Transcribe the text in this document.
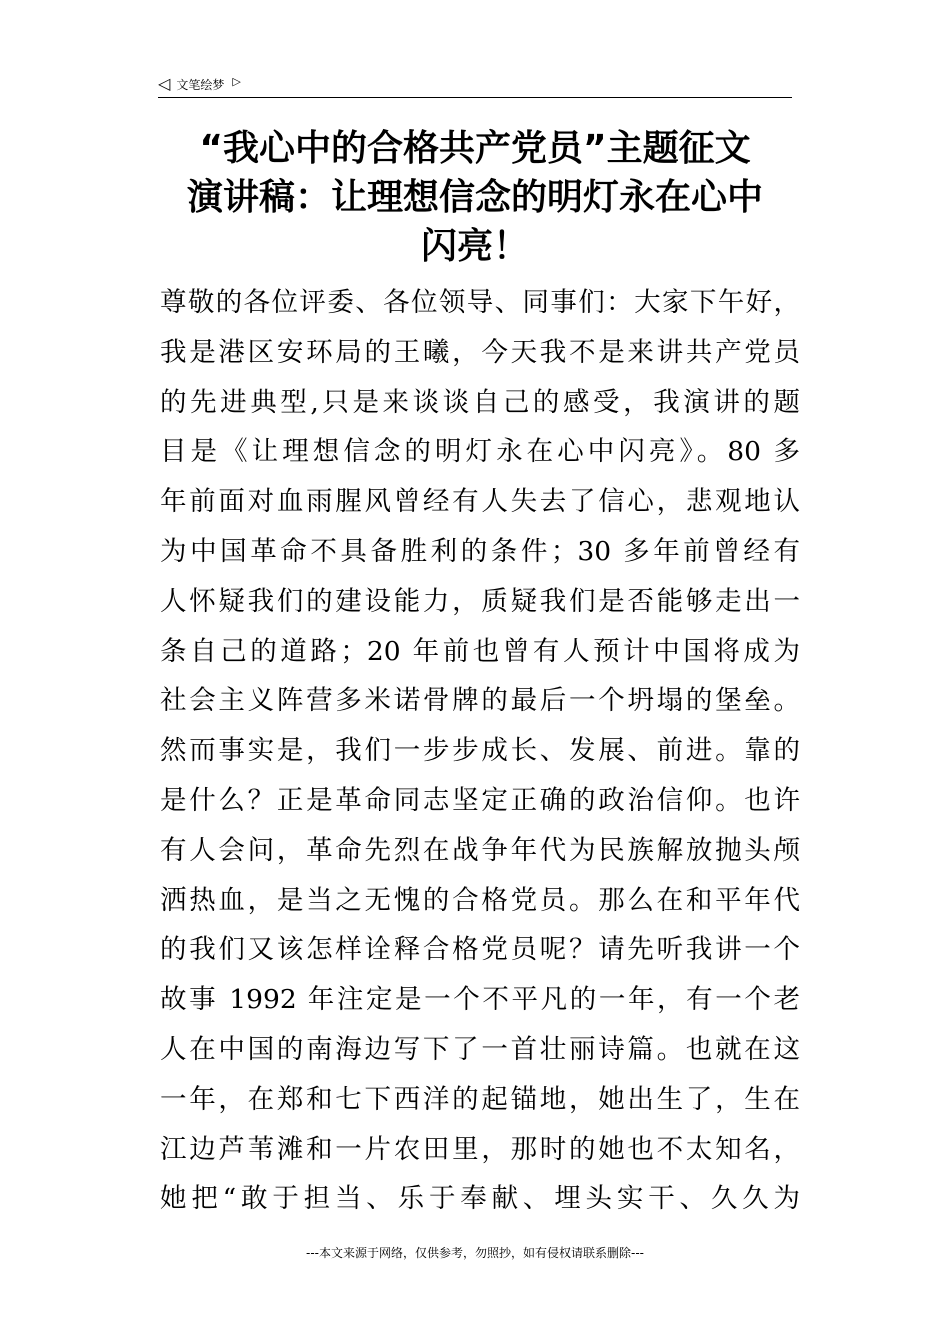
◁ 文笔绘梦 ▷
“我心中的合格共产党员”主题征文
演讲稿：让理想信念的明灯永在心中
闪亮！
尊敬的各位评委、各位领导、同事们：大家下午好，
我是港区安环局的王曦，今天我不是来讲共产党员
的先进典型,只是来谈谈自己的感受，我演讲的题
目是《让理想信念的明灯永在心中闪亮》。80 多
年前面对血雨腥风曾经有人失去了信心，悲观地认
为中国革命不具备胜利的条件；30 多年前曾经有
人怀疑我们的建设能力，质疑我们是否能够走出一
条自己的道路；20 年前也曾有人预计中国将成为
社会主义阵营多米诺骨牌的最后一个坍塌的堡垒。
然而事实是，我们一步步成长、发展、前进。靠的
是什么？正是革命同志坚定正确的政治信仰。也许
有人会问，革命先烈在战争年代为民族解放抛头颅
洒热血，是当之无愧的合格党员。那么在和平年代
的我们又该怎样诠释合格党员呢？请先听我讲一个
故事 1992 年注定是一个不平凡的一年，有一个老
人在中国的南海边写下了一首壮丽诗篇。也就在这
一年，在郑和七下西洋的起锚地，她出生了，生在
江边芦苇滩和一片农田里，那时的她也不太知名，
她把“敢于担当、乐于奉献、埋头实干、久久为
---本文来源于网络，仅供参考，勿照抄，如有侵权请联系删除---
